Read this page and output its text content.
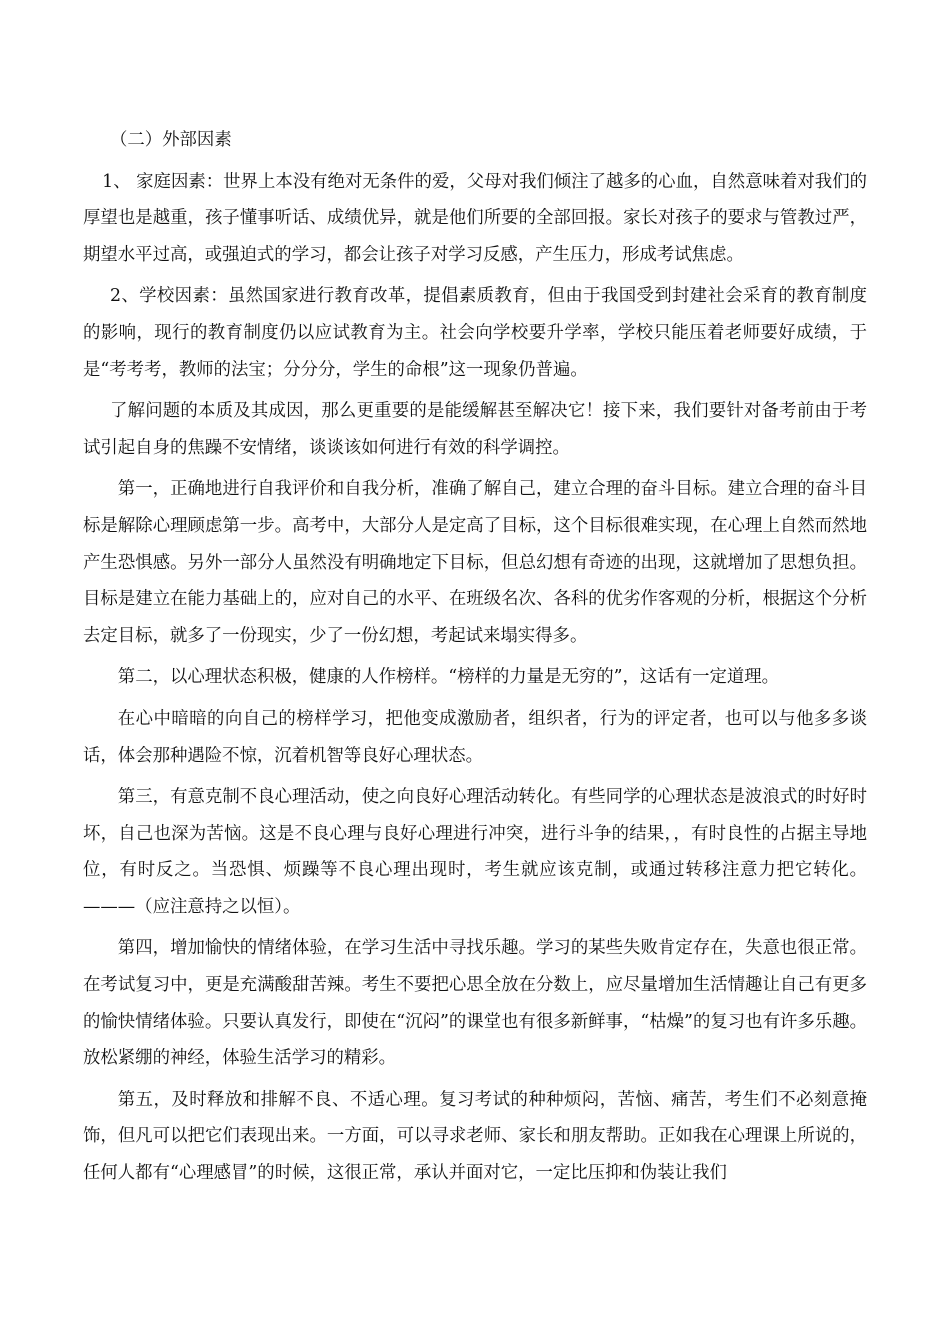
（二）外部因素

1、 家庭因素：世界上本没有绝对无条件的爱，父母对我们倾注了越多的心血，自然意味着对我们的厚望也是越重，孩子懂事听话、成绩优异，就是他们所要的全部回报。家长对孩子的要求与管教过严，期望水平过高，或强迫式的学习，都会让孩子对学习反感，产生压力，形成考试焦虑。

2、学校因素：虽然国家进行教育改革，提倡素质教育，但由于我国受到封建社会采育的教育制度的影响，现行的教育制度仍以应试教育为主。社会向学校要升学率，学校只能压着老师要好成绩，于是“考考考，教师的法宝；分分分，学生的命根”这一现象仍普遍。

了解问题的本质及其成因，那么更重要的是能缓解甚至解决它！接下来，我们要针对备考前由于考试引起自身的焦躁不安情绪，谈谈该如何进行有效的科学调控。

第一，正确地进行自我评价和自我分析，准确了解自己，建立合理的奋斗目标。建立合理的奋斗目标是解除心理顾虑第一步。高考中，大部分人是定高了目标，这个目标很难实现，在心理上自然而然地产生恐惧感。另外一部分人虽然没有明确地定下目标，但总幻想有奇迹的出现，这就增加了思想负担。目标是建立在能力基础上的，应对自己的水平、在班级名次、各科的优劣作客观的分析，根据这个分析去定目标，就多了一份现实，少了一份幻想，考起试来塌实得多。

第二，以心理状态积极，健康的人作榜样。“榜样的力量是无穷的”，这话有一定道理。

在心中暗暗的向自己的榜样学习，把他变成激励者，组织者，行为的评定者，也可以与他多多谈话，体会那种遇险不惊，沉着机智等良好心理状态。

第三，有意克制不良心理活动，使之向良好心理活动转化。有些同学的心理状态是波浪式的时好时坏，自己也深为苦恼。这是不良心理与良好心理进行冲突，进行斗争的结果，，有时良性的占据主导地位，有时反之。当恐惧、烦躁等不良心理出现时，考生就应该克制，或通过转移注意力把它转化。———（应注意持之以恒）。

第四，增加愉快的情绪体验，在学习生活中寻找乐趣。学习的某些失败肯定存在，失意也很正常。在考试复习中，更是充满酸甜苦辣。考生不要把心思全放在分数上，应尽量增加生活情趣让自己有更多的愉快情绪体验。只要认真发行，即使在“沉闷”的课堂也有很多新鲜事，“枯燥”的复习也有许多乐趣。放松紧绷的神经，体验生活学习的精彩。

第五，及时释放和排解不良、不适心理。复习考试的种种烦闷，苦恼、痛苦，考生们不必刻意掩饰，但凡可以把它们表现出来。一方面，可以寻求老师、家长和朋友帮助。正如我在心理课上所说的，任何人都有“心理感冒”的时候，这很正常，承认并面对它，一定比压抑和伪装让我们
